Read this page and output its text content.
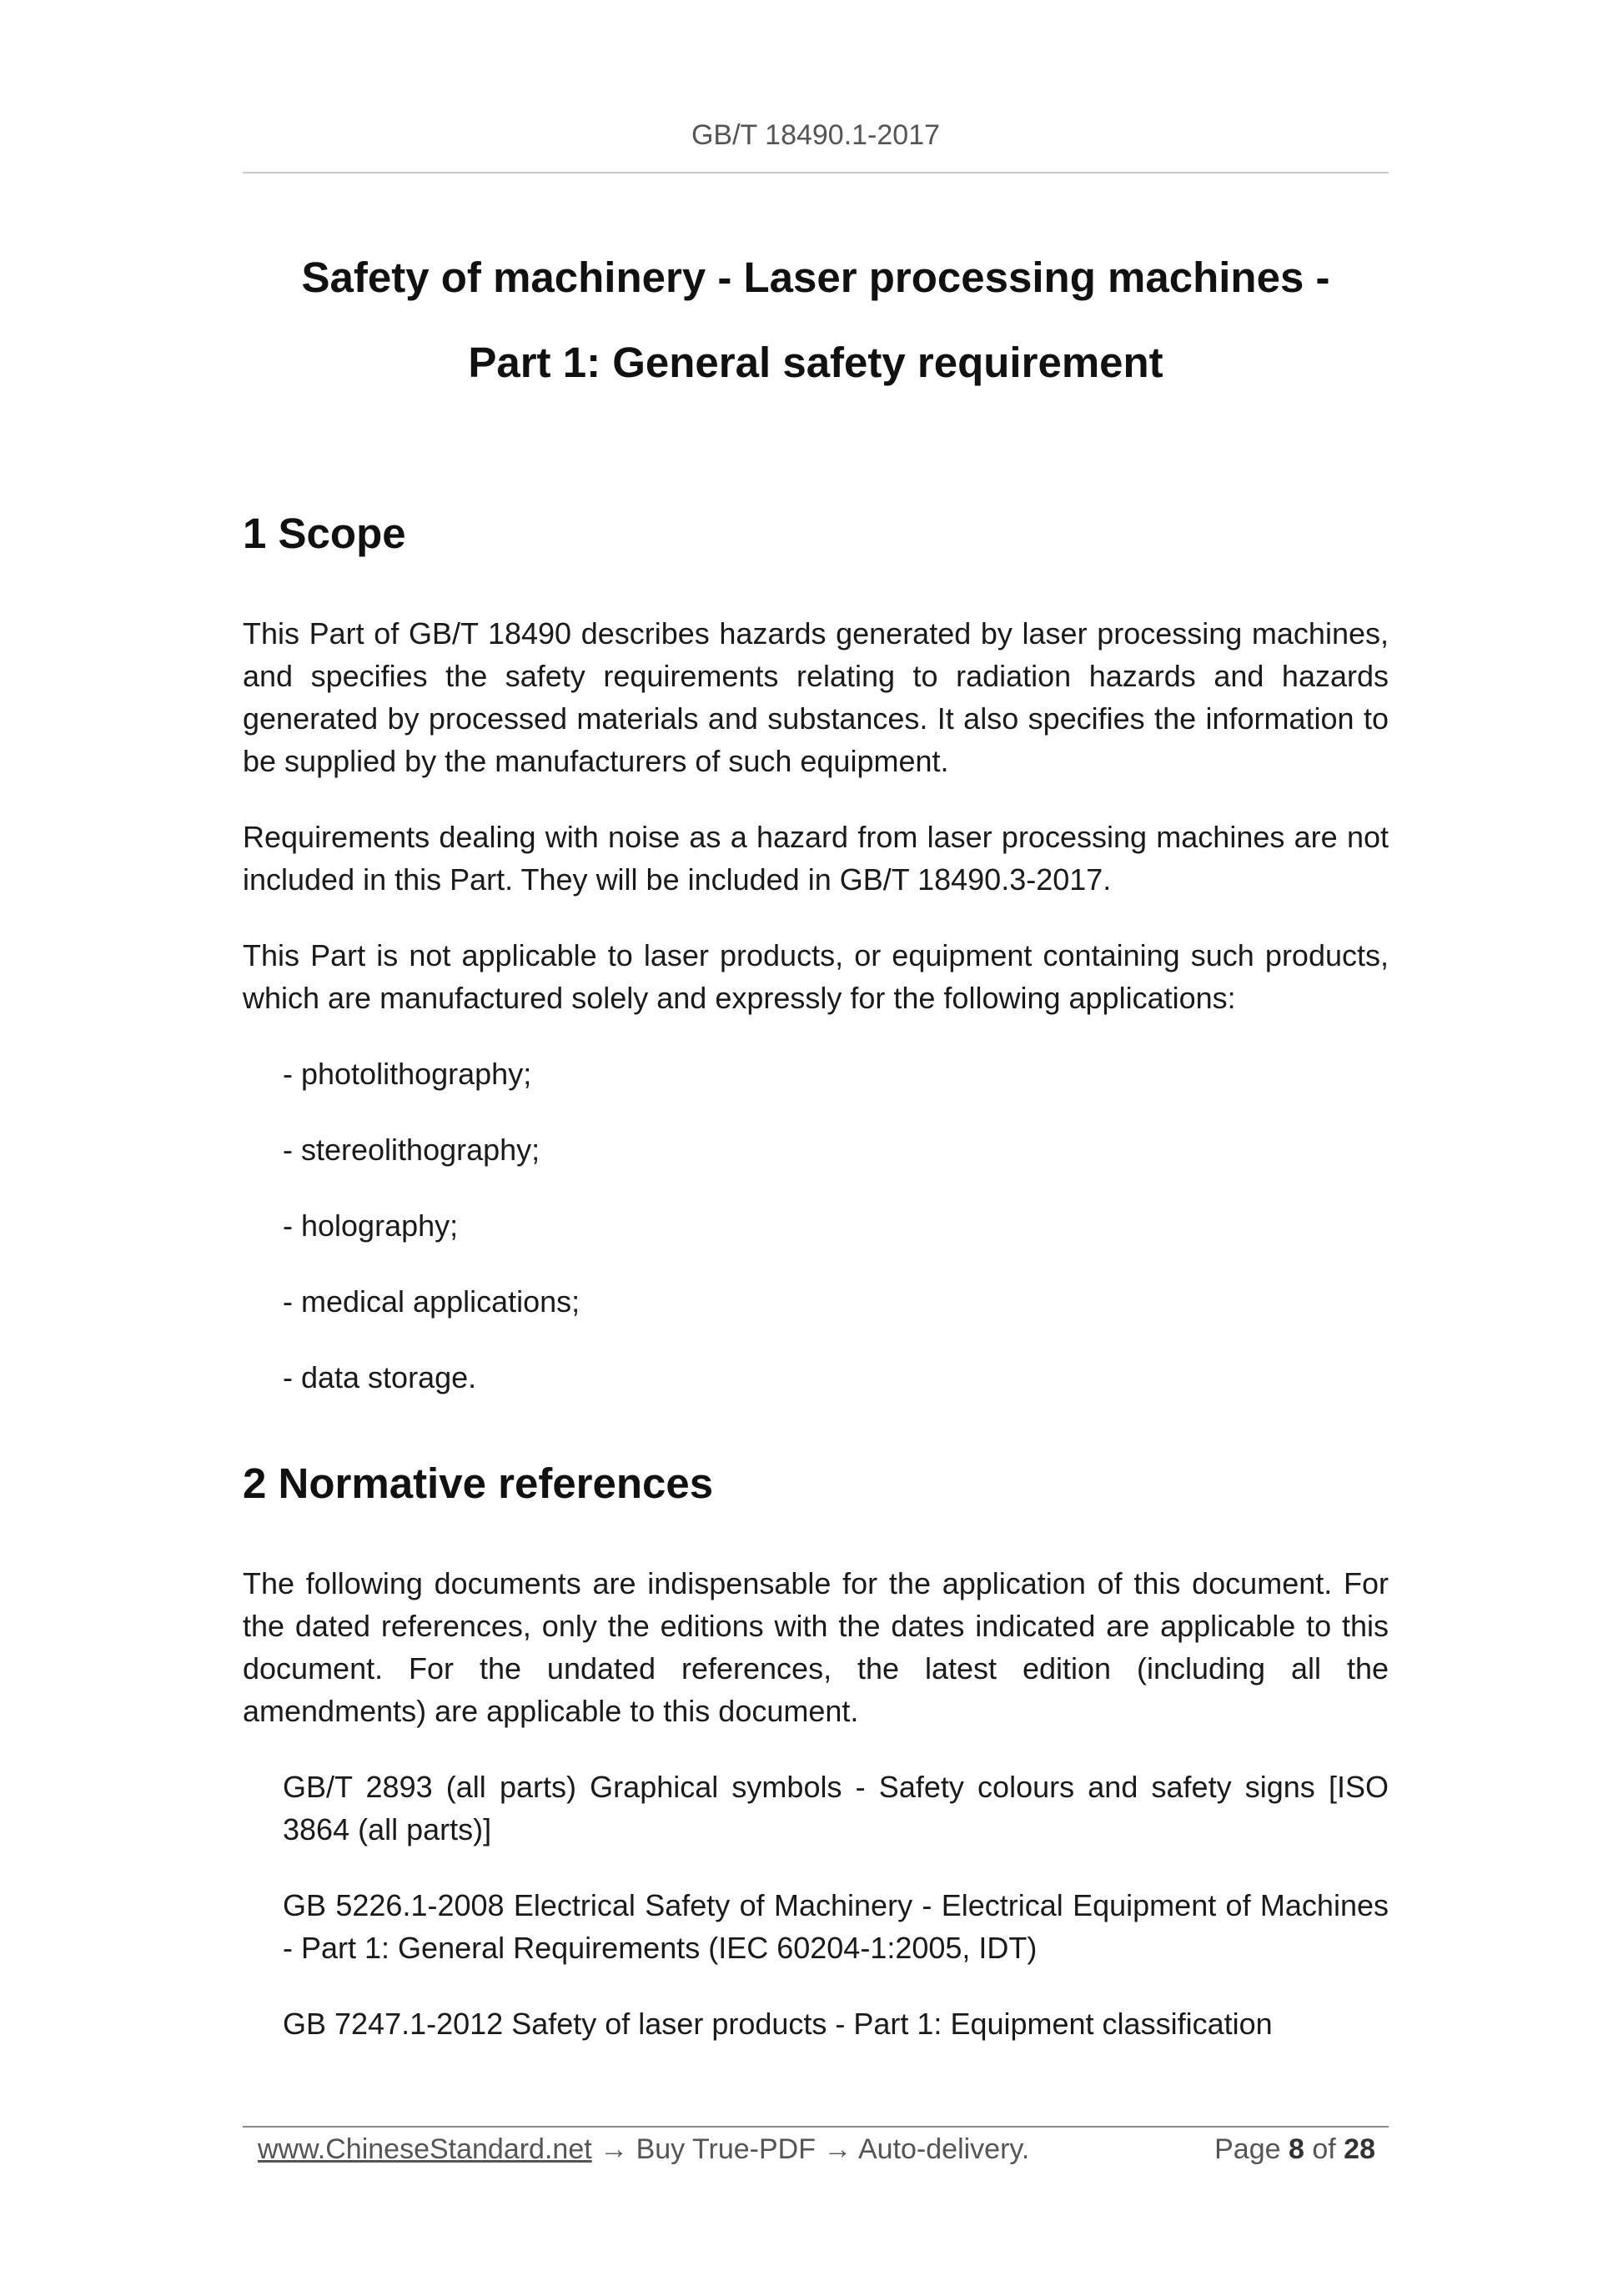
GB/T 18490.1-2017
Safety of machinery - Laser processing machines -
Part 1: General safety requirement
1 Scope

This Part of GB/T 18490 describes hazards generated by laser processing machines, and specifies the safety requirements relating to radiation hazards and hazards generated by processed materials and substances. It also specifies the information to be supplied by the manufacturers of such equipment.

Requirements dealing with noise as a hazard from laser processing machines are not included in this Part. They will be included in GB/T 18490.3-2017.

This Part is not applicable to laser products, or equipment containing such products, which are manufactured solely and expressly for the following applications:

- photolithography;
- stereolithography;
- holography;
- medical applications;
- data storage.
2 Normative references

The following documents are indispensable for the application of this document. For the dated references, only the editions with the dates indicated are applicable to this document. For the undated references, the latest edition (including all the amendments) are applicable to this document.

GB/T 2893 (all parts) Graphical symbols - Safety colours and safety signs [ISO 3864 (all parts)]

GB 5226.1-2008 Electrical Safety of Machinery - Electrical Equipment of Machines - Part 1: General Requirements (IEC 60204-1:2005, IDT)

GB 7247.1-2012 Safety of laser products - Part 1: Equipment classification

www.ChineseStandard.net → Buy True-PDF → Auto-delivery.	Page 8 of 28
